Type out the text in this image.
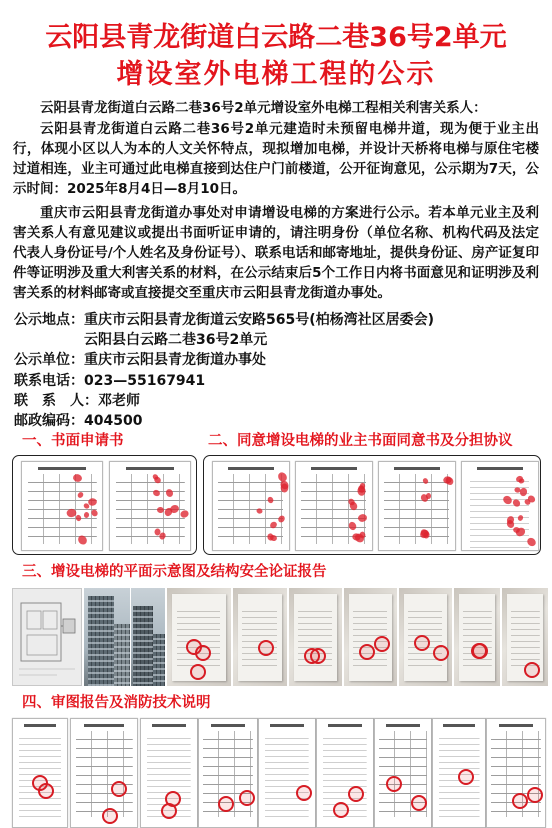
云阳县青龙街道白云路二巷36号2单元
增设室外电梯工程的公示

云阳县青龙街道白云路二巷36号2单元增设室外电梯工程相关利害关系人：

云阳县青龙街道白云路二巷36号2单元建造时未预留电梯井道，现为便于业主出行，体现小区以人为本的人文关怀特点，现拟增加电梯，并设计天桥将电梯与原住宅楼过道相连，业主可通过此电梯直接到达住户门前楼道，公开征询意见，公示期为7天，公示时间：2025年8月4日—8月10日。

重庆市云阳县青龙街道办事处对申请增设电梯的方案进行公示。若本单元业主及利害关系人有意见建议或提出书面听证申请的，请注明身份（单位名称、机构代码及法定代表人身份证号/个人姓名及身份证号）、联系电话和邮寄地址，提供身份证、房产证复印件等证明涉及重大利害关系的材料，在公示结束后5个工作日内将书面意见和证明涉及利害关系的材料邮寄或直接提交至重庆市云阳县青龙街道办事处。

公示地点：重庆市云阳县青龙街道云安路565号(柏杨湾社区居委会)
云阳县白云路二巷36号2单元
公示单位：重庆市云阳县青龙街道办事处
联系电话：023—55167941
联　系　人：邓老师
邮政编码：404500
一、书面申请书	二、同意增设电梯的业主书面同意书及分担协议
三、增设电梯的平面示意图及结构安全论证报告
四、审图报告及消防技术说明
